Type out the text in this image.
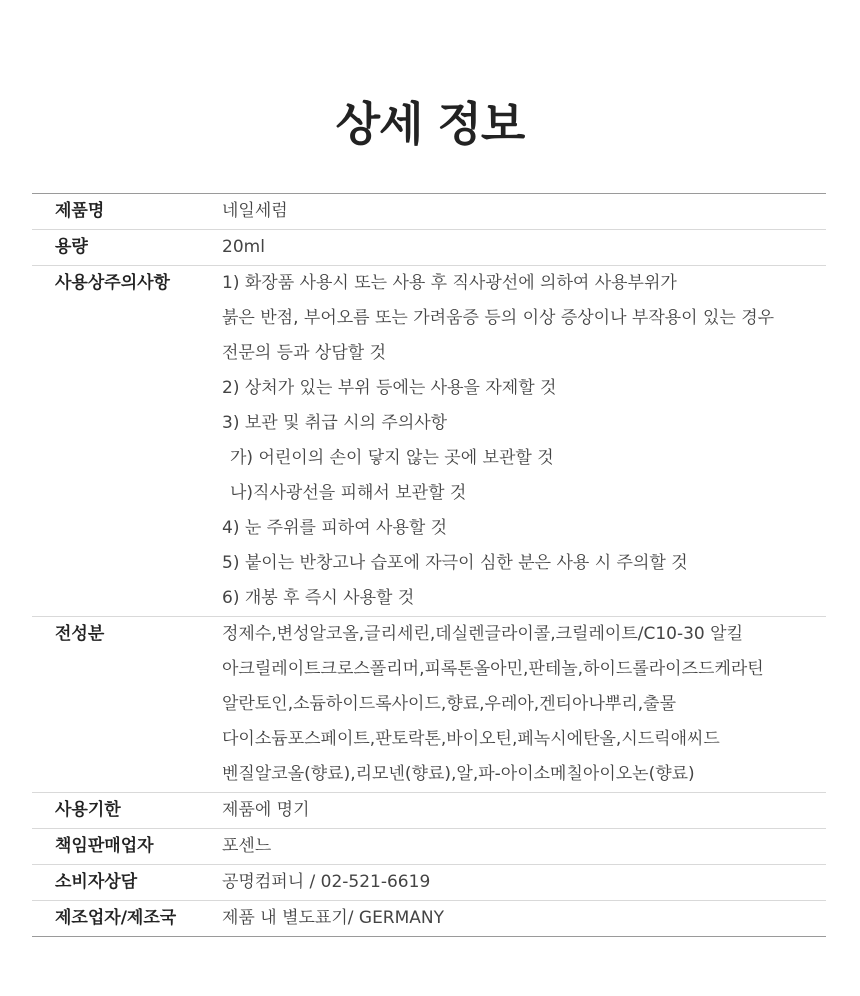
상세 정보
제품명	네일세럼
용량	20ml
사용상주의사항	1) 화장품 사용시 또는 사용 후 직사광선에 의하여 사용부위가
붉은 반점, 부어오름 또는 가려움증 등의 이상 증상이나 부작용이 있는 경우
전문의 등과 상담할 것
2) 상처가 있는 부위 등에는 사용을 자제할 것
3) 보관 및 취급 시의 주의사항
가) 어린이의 손이 닿지 않는 곳에 보관할 것
나)직사광선을 피해서 보관할 것
4) 눈 주위를 피하여 사용할 것
5) 붙이는 반창고나 습포에 자극이 심한 분은 사용 시 주의할 것
6) 개봉 후 즉시 사용할 것
전성분	정제수,변성알코올,글리세린,데실렌글라이콜,크릴레이트/C10-30 알킬
아크릴레이트크로스폴리머,피록톤올아민,판테놀,하이드롤라이즈드케라틴
알란토인,소듐하이드록사이드,향료,우레아,겐티아나뿌리,출물
다이소듐포스페이트,판토락톤,바이오틴,페녹시에탄올,시드릭애씨드
벤질알코올(향료),리모넨(향료),알,파-아이소메칠아이오논(향료)
사용기한	제품에 명기
책임판매업자	포센느
소비자상담	공명컴퍼니 / 02-521-6619
제조업자/제조국	제품 내 별도표기/ GERMANY
